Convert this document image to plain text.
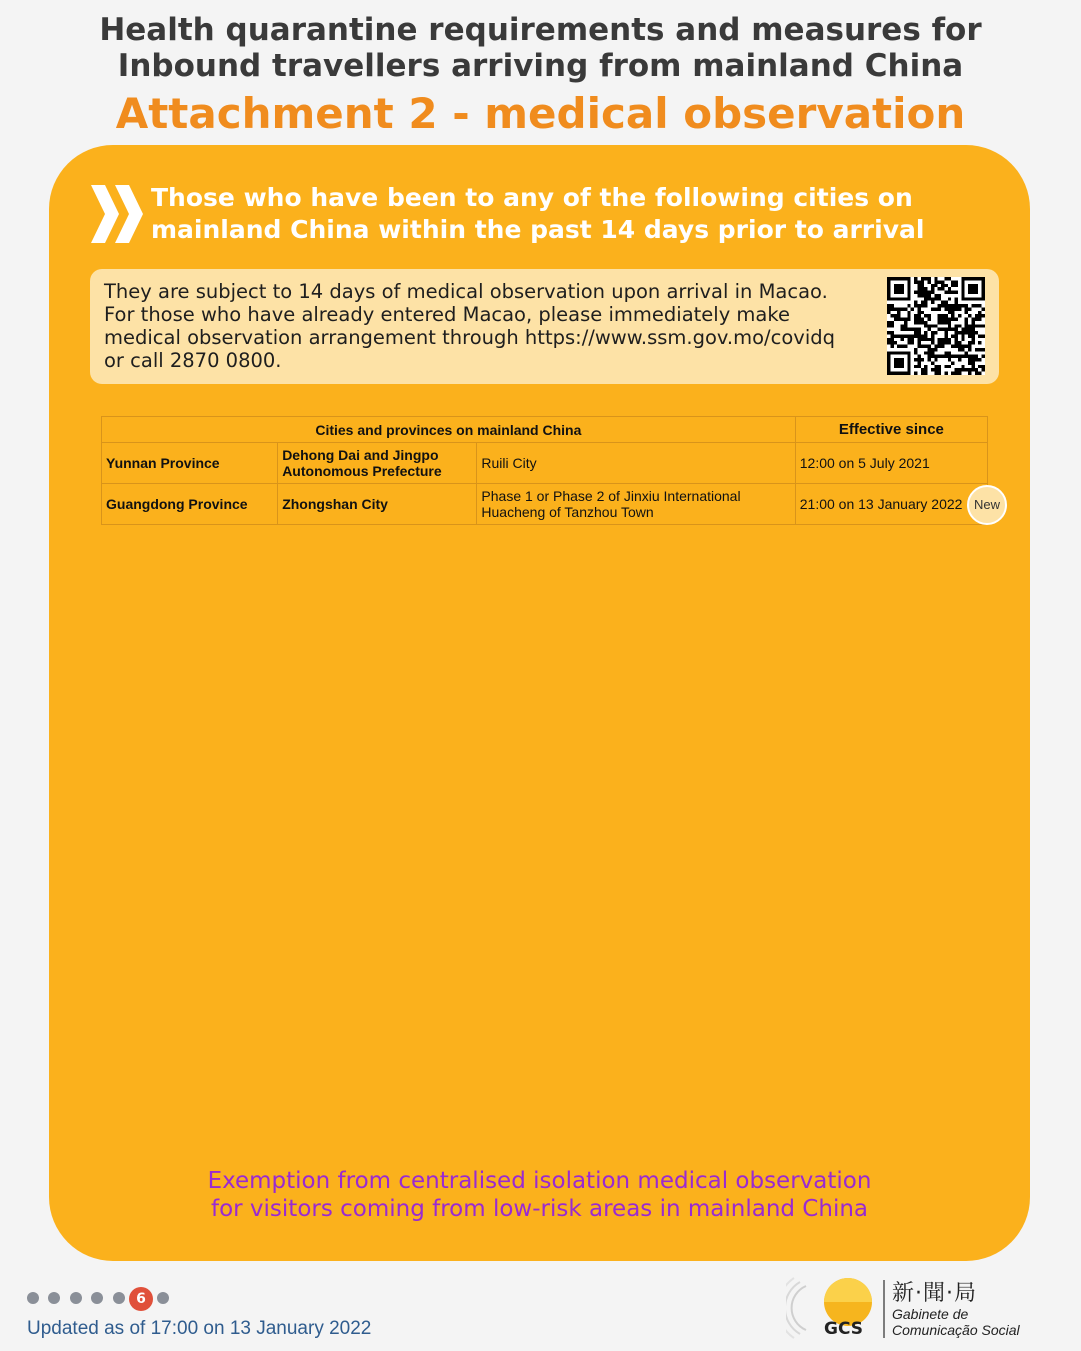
Health quarantine requirements and measures for
Inbound travellers arriving from mainland China
Attachment 2 - medical observation
Those who have been to any of the following cities on
mainland China within the past 14 days prior to arrival
They are subject to 14 days of medical observation upon arrival in Macao.
For those who have already entered Macao, please immediately make
medical observation arrangement through https://www.ssm.gov.mo/covidq
or call 2870 0800.
Cities and provinces on mainland China			Effective since
Yunnan Province	Dehong Dai and Jingpo Autonomous Prefecture	Ruili City	12:00 on 5 July 2021
Guangdong Province	Zhongshan City	Phase 1 or Phase 2 of Jinxiu International Huacheng of Tanzhou Town	21:00 on 13 January 2022 New
Exemption from centralised isolation medical observation
for visitors coming from low-risk areas in mainland China
6
Updated as of 17:00 on 13 January 2022	GCS
新·聞·局
Gabinete de
Comunicação Social
